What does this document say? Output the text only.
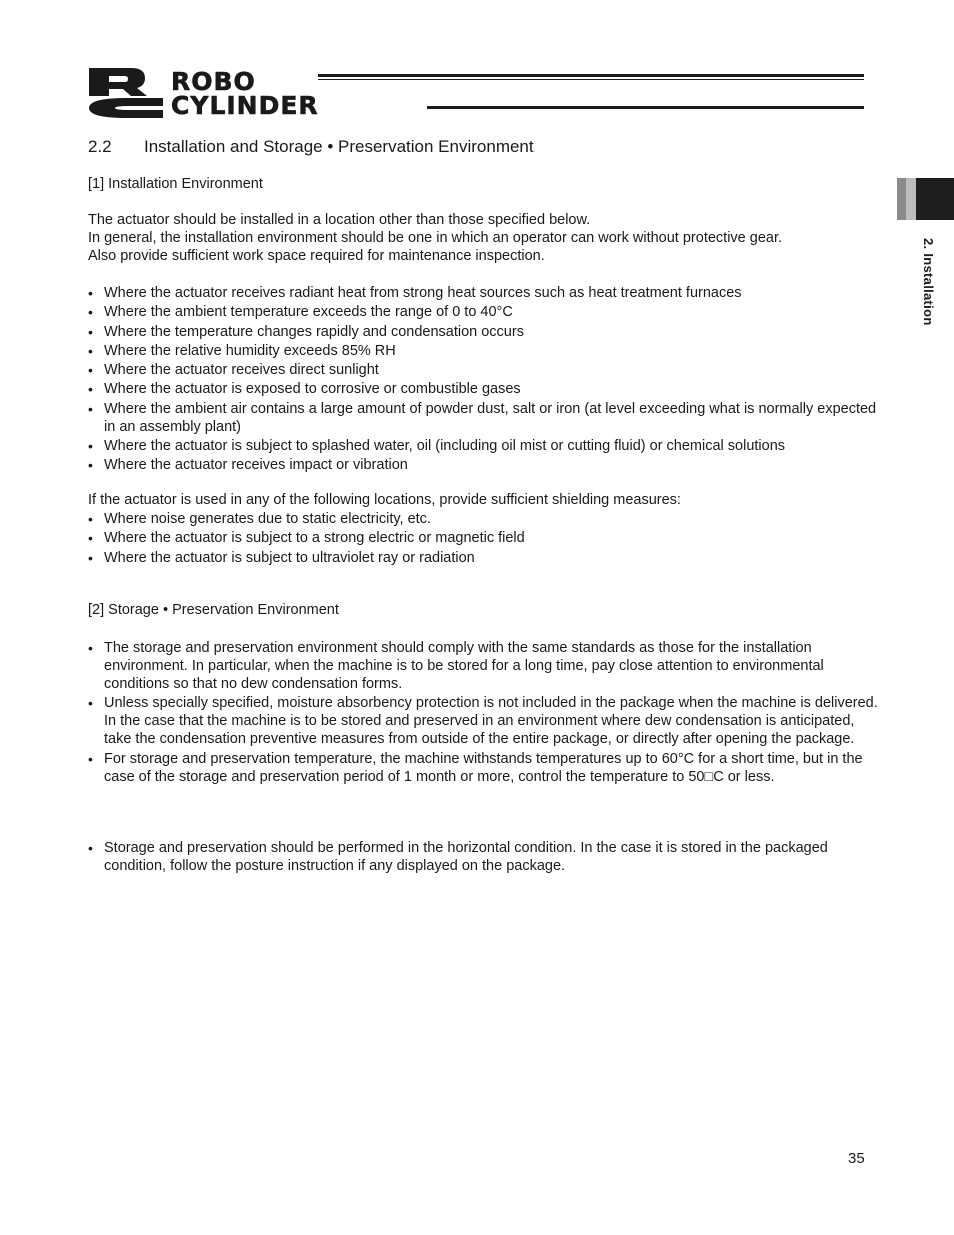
ROBO
CYLINDER
2. Installation
2.2 Installation and Storage • Preservation Environment
[1] Installation Environment
The actuator should be installed in a location other than those specified below.
In general, the installation environment should be one in which an operator can work without protective gear.
Also provide sufficient work space required for maintenance inspection.
• Where the actuator receives radiant heat from strong heat sources such as heat treatment furnaces
• Where the ambient temperature exceeds the range of 0 to 40°C
• Where the temperature changes rapidly and condensation occurs
• Where the relative humidity exceeds 85% RH
• Where the actuator receives direct sunlight
• Where the actuator is exposed to corrosive or combustible gases
• Where the ambient air contains a large amount of powder dust, salt or iron (at level exceeding what is normally expected in an assembly plant)
• Where the actuator is subject to splashed water, oil (including oil mist or cutting fluid) or chemical solutions
• Where the actuator receives impact or vibration
If the actuator is used in any of the following locations, provide sufficient shielding measures:
• Where noise generates due to static electricity, etc.
• Where the actuator is subject to a strong electric or magnetic field
• Where the actuator is subject to ultraviolet ray or radiation
[2] Storage • Preservation Environment
• The storage and preservation environment should comply with the same standards as those for the installation environment. In particular, when the machine is to be stored for a long time, pay close attention to environmental conditions so that no dew condensation forms.
• Unless specially specified, moisture absorbency protection is not included in the package when the machine is delivered. In the case that the machine is to be stored and preserved in an environment where dew condensation is anticipated, take the condensation preventive measures from outside of the entire package, or directly after opening the package.
• For storage and preservation temperature, the machine withstands temperatures up to 60°C for a short time, but in the case of the storage and preservation period of 1 month or more, control the temperature to 50□C or less.
• Storage and preservation should be performed in the horizontal condition. In the case it is stored in the packaged condition, follow the posture instruction if any displayed on the package.
35
